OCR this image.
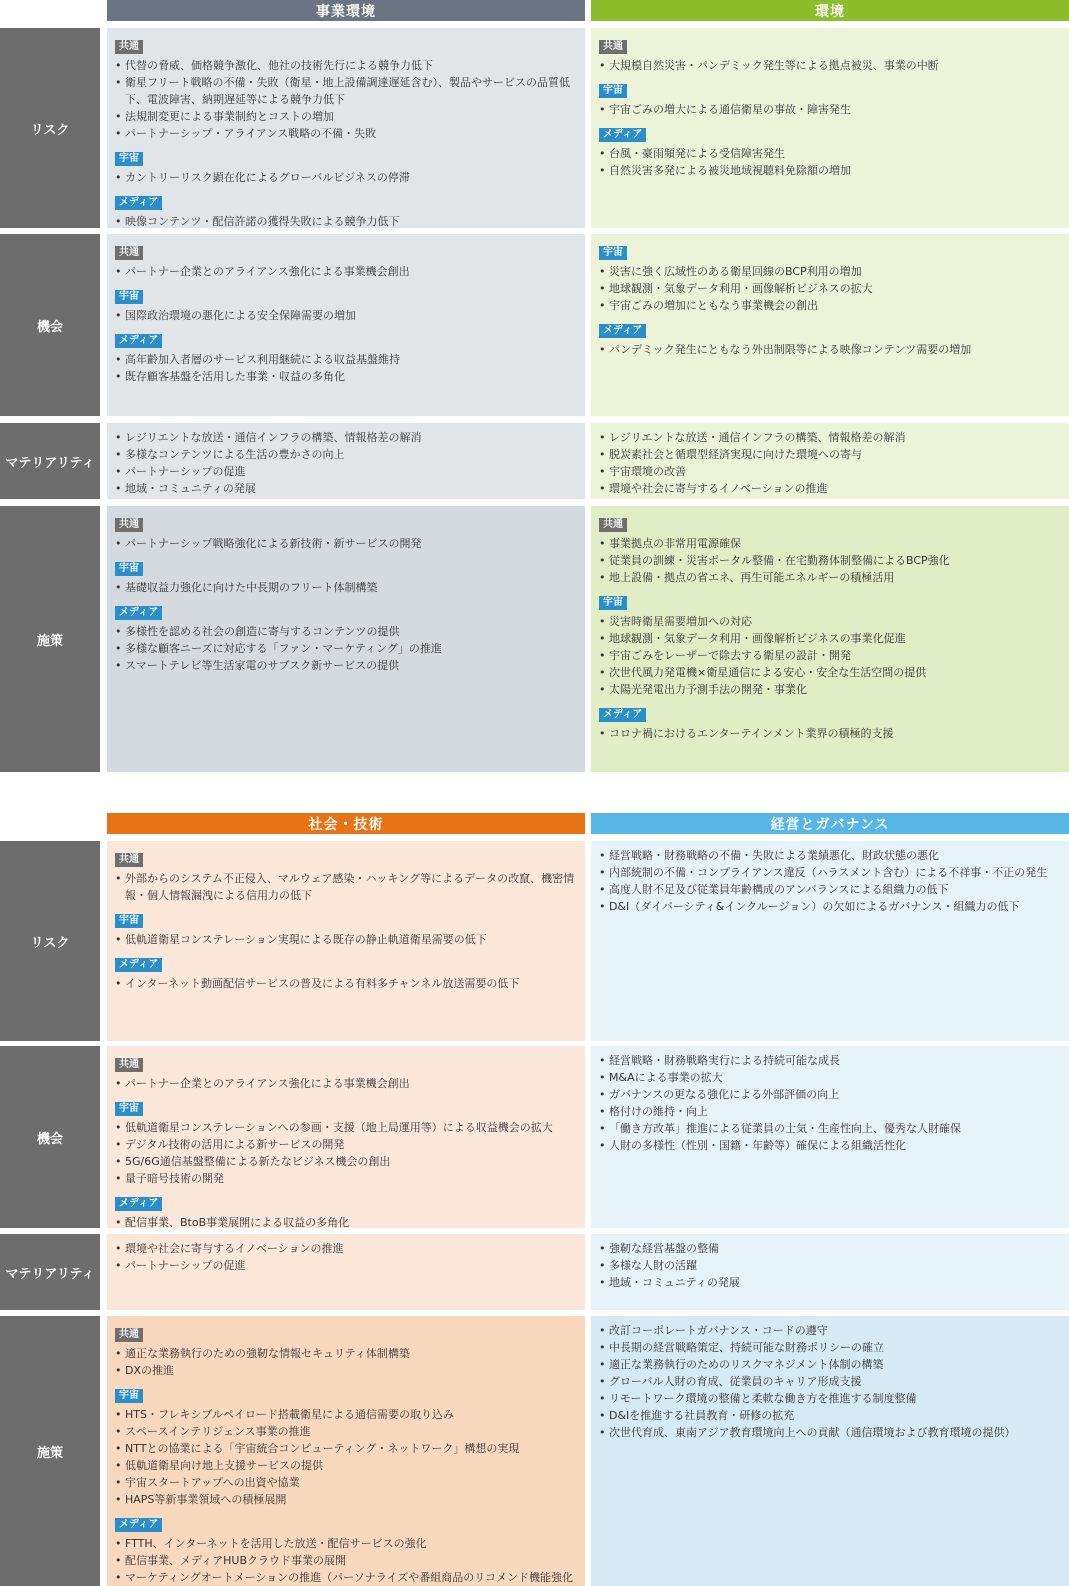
事業環境	環境
リスク
機会
マテリアリティ
施策
共通
• 代替の脅威、価格競争激化、他社の技術先行による競争力低下
• 衛星フリート戦略の不備・失敗（衛星・地上設備調達遅延含む）、製品やサービスの品質低下、電波障害、納期遅延等による競争力低下
• 法規制変更による事業制約とコストの増加
• パートナーシップ・アライアンス戦略の不備・失敗
宇宙
• カントリーリスク顕在化によるグローバルビジネスの停滞
メディア
• 映像コンテンツ・配信許諾の獲得失敗による競争力低下
共通
• 大規模自然災害・パンデミック発生等による拠点被災、事業の中断
宇宙
• 宇宙ごみの増大による通信衛星の事故・障害発生
メディア
• 台風・豪雨頻発による受信障害発生
• 自然災害多発による被災地域視聴料免除額の増加
共通
• パートナー企業とのアライアンス強化による事業機会創出
宇宙
• 国際政治環境の悪化による安全保障需要の増加
メディア
• 高年齢加入者層のサービス利用継続による収益基盤維持
• 既存顧客基盤を活用した事業・収益の多角化
宇宙
• 災害に強く広域性のある衛星回線のBCP利用の増加
• 地球観測・気象データ利用・画像解析ビジネスの拡大
• 宇宙ごみの増加にともなう事業機会の創出
メディア
• パンデミック発生にともなう外出制限等による映像コンテンツ需要の増加
• レジリエントな放送・通信インフラの構築、情報格差の解消
• 多様なコンテンツによる生活の豊かさの向上
• パートナーシップの促進
• 地域・コミュニティの発展
• レジリエントな放送・通信インフラの構築、情報格差の解消
• 脱炭素社会と循環型経済実現に向けた環境への寄与
• 宇宙環境の改善
• 環境や社会に寄与するイノベーションの推進
共通
• パートナーシップ戦略強化による新技術・新サービスの開発
宇宙
• 基礎収益力強化に向けた中長期のフリート体制構築
メディア
• 多様性を認める社会の創造に寄与するコンテンツの提供
• 多様な顧客ニーズに対応する「ファン・マーケティング」の推進
• スマートテレビ等生活家電のサブスク新サービスの提供
共通
• 事業拠点の非常用電源確保
• 従業員の訓練・災害ポータル整備・在宅勤務体制整備によるBCP強化
• 地上設備・拠点の省エネ、再生可能エネルギーの積極活用
宇宙
• 災害時衛星需要増加への対応
• 地球観測・気象データ利用・画像解析ビジネスの事業化促進
• 宇宙ごみをレーザーで除去する衛星の設計・開発
• 次世代風力発電機×衛星通信による安心・安全な生活空間の提供
• 太陽光発電出力予測手法の開発・事業化
メディア
• コロナ禍におけるエンターテインメント業界の積極的支援
社会・技術	経営とガバナンス
リスク
機会
マテリアリティ
施策
共通
• 外部からのシステム不正侵入、マルウェア感染・ハッキング等によるデータの改竄、機密情報・個人情報漏洩による信用力の低下
宇宙
• 低軌道衛星コンステレーション実現による既存の静止軌道衛星需要の低下
メディア
• インターネット動画配信サービスの普及による有料多チャンネル放送需要の低下
• 経営戦略・財務戦略の不備・失敗による業績悪化、財政状態の悪化
• 内部統制の不備・コンプライアンス違反（ハラスメント含む）による不祥事・不正の発生
• 高度人財不足及び従業員年齢構成のアンバランスによる組織力の低下
• D&I（ダイバーシティ&インクルージョン）の欠如によるガバナンス・組織力の低下
共通
• パートナー企業とのアライアンス強化による事業機会創出
宇宙
• 低軌道衛星コンステレーションへの参画・支援（地上局運用等）による収益機会の拡大
• デジタル技術の活用による新サービスの開発
• 5G/6G通信基盤整備による新たなビジネス機会の創出
• 量子暗号技術の開発
メディア
• 配信事業、BtoB事業展開による収益の多角化
• 経営戦略・財務戦略実行による持続可能な成長
• M&Aによる事業の拡大
• ガバナンスの更なる強化による外部評価の向上
• 格付けの維持・向上
• 「働き方改革」推進による従業員の士気・生産性向上、優秀な人財確保
• 人財の多様性（性別・国籍・年齢等）確保による組織活性化
• 環境や社会に寄与するイノベーションの推進
• パートナーシップの促進
• 強靭な経営基盤の整備
• 多様な人財の活躍
• 地域・コミュニティの発展
共通
• 適正な業務執行のための強靭な情報セキュリティ体制構築
• DXの推進
宇宙
• HTS・フレキシブルペイロード搭載衛星による通信需要の取り込み
• スペースインテリジェンス事業の推進
• NTTとの協業による「宇宙統合コンピューティング・ネットワーク」構想の実現
• 低軌道衛星向け地上支援サービスの提供
• 宇宙スタートアップへの出資や協業
• HAPS等新事業領域への積極展開
メディア
• FTTH、インターネットを活用した放送・配信サービスの強化
• 配信事業、メディアHUBクラウド事業の展開
• マーケティングオートメーションの推進（パーソナライズや番組商品のリコメンド機能強化
• 改訂コーポレートガバナンス・コードの遵守
• 中長期の経営戦略策定、持続可能な財務ポリシーの確立
• 適正な業務執行のためのリスクマネジメント体制の構築
• グローバル人財の育成、従業員のキャリア形成支援
• リモートワーク環境の整備と柔軟な働き方を推進する制度整備
• D&Iを推進する社員教育・研修の拡充
• 次世代育成、東南アジア教育環境向上への貢献（通信環境および教育環境の提供）
